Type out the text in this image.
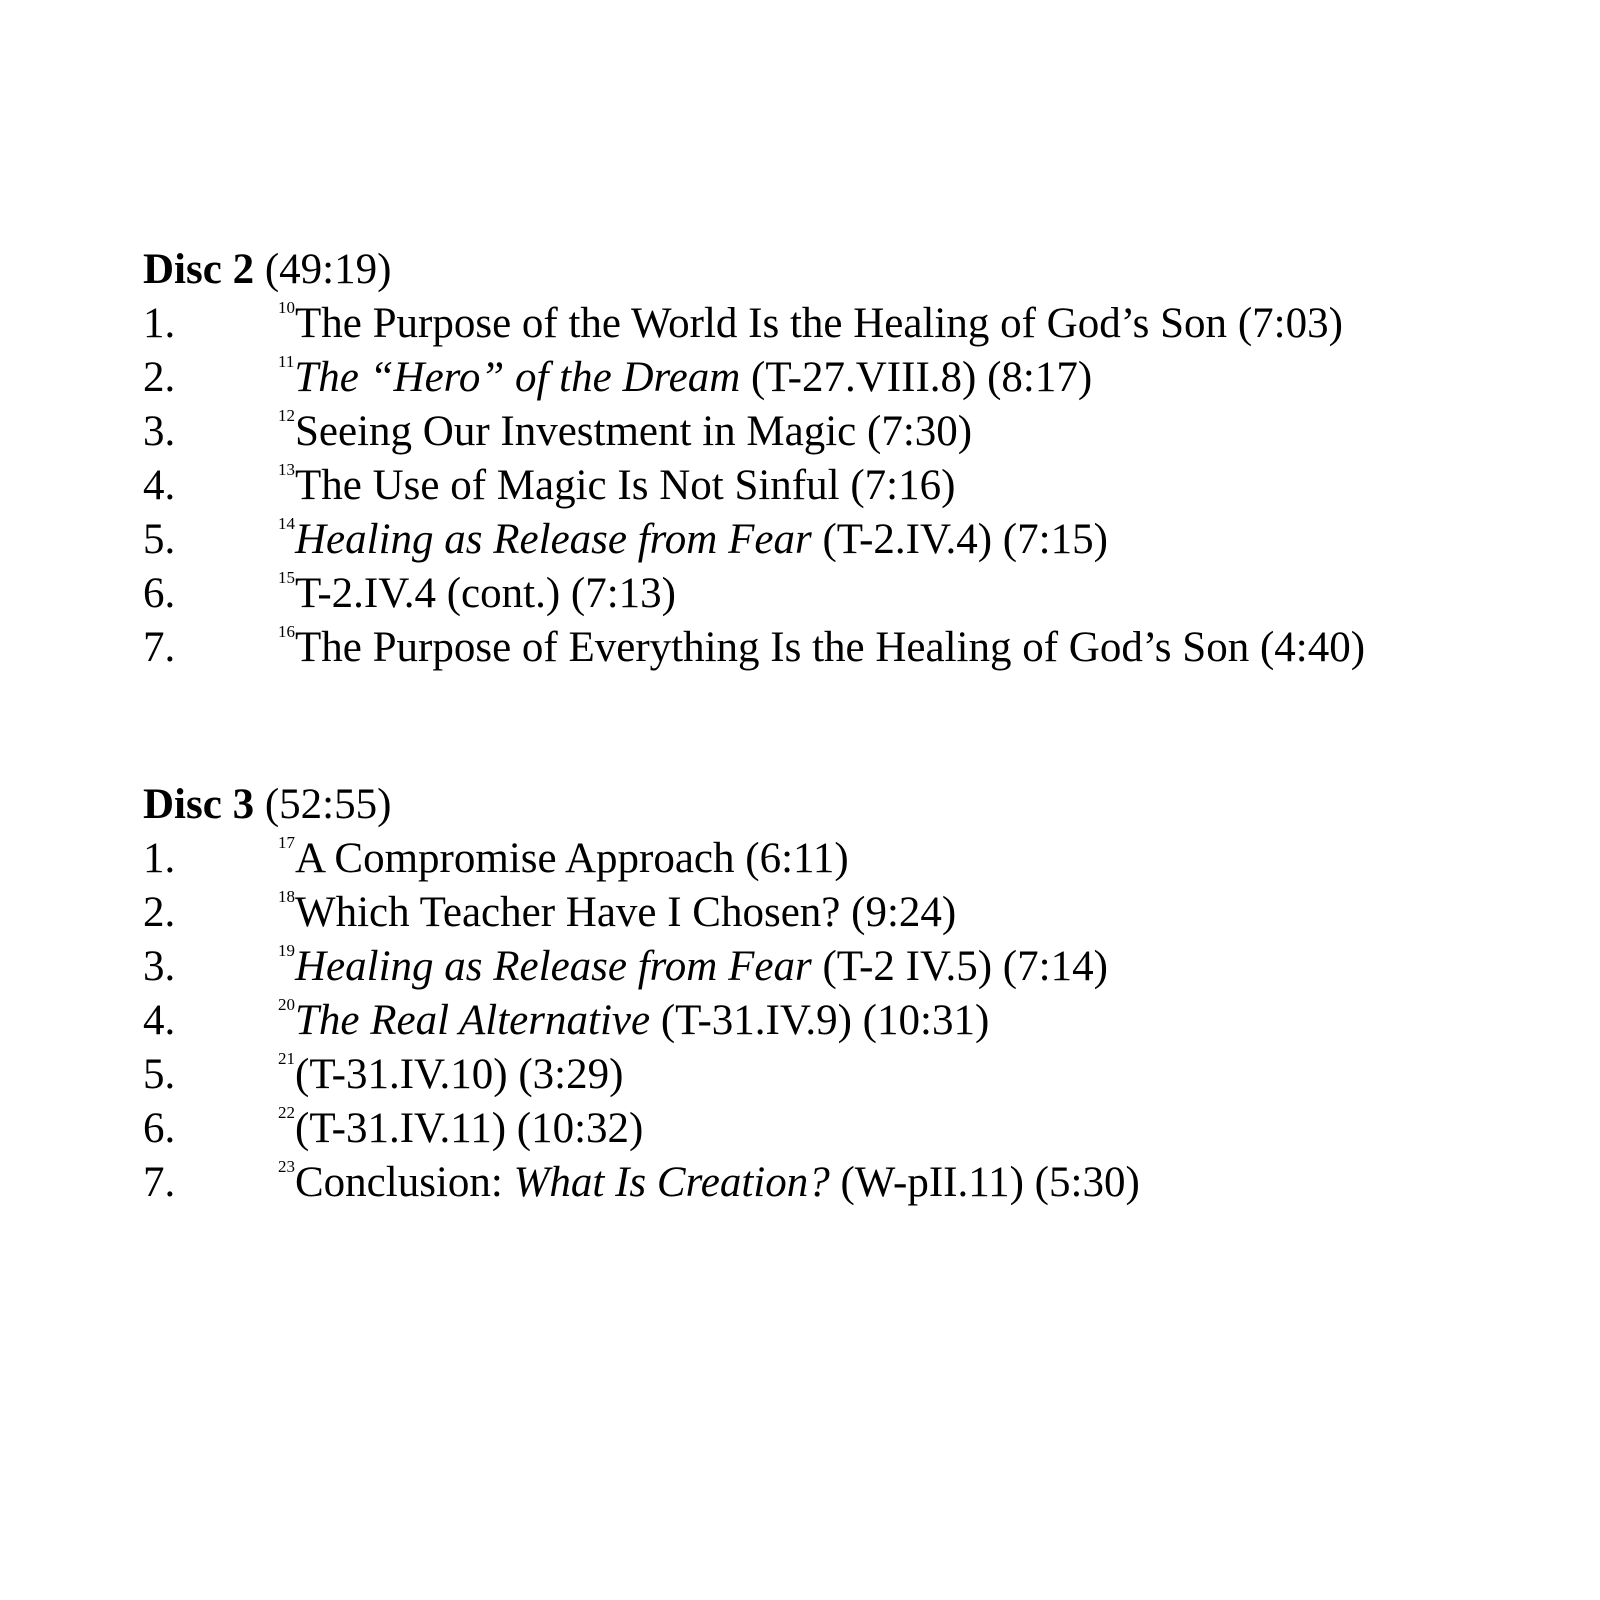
Disc 2 (49:19)
1.	$^{10}$The Purpose of the World Is the Healing of God’s Son (7:03)
2.	$^{11}$The “Hero” of the Dream (T-27.VIII.8) (8:17)
3.	$^{12}$Seeing Our Investment in Magic (7:30)
4.	$^{13}$The Use of Magic Is Not Sinful (7:16)
5.	$^{14}$Healing as Release from Fear (T-2.IV.4) (7:15)
6.	$^{15}$T-2.IV.4 (cont.) (7:13)
7.	$^{16}$The Purpose of Everything Is the Healing of God’s Son (4:40)
Disc 3 (52:55)
1.	$^{17}$A Compromise Approach (6:11)
2.	$^{18}$Which Teacher Have I Chosen? (9:24)
3.	$^{19}$Healing as Release from Fear (T-2 IV.5) (7:14)
4.	$^{20}$The Real Alternative (T-31.IV.9) (10:31)
5.	$^{21}$(T-31.IV.10) (3:29)
6.	$^{22}$(T-31.IV.11) (10:32)
7.	$^{23}$Conclusion: What Is Creation? (W-pII.11) (5:30)
